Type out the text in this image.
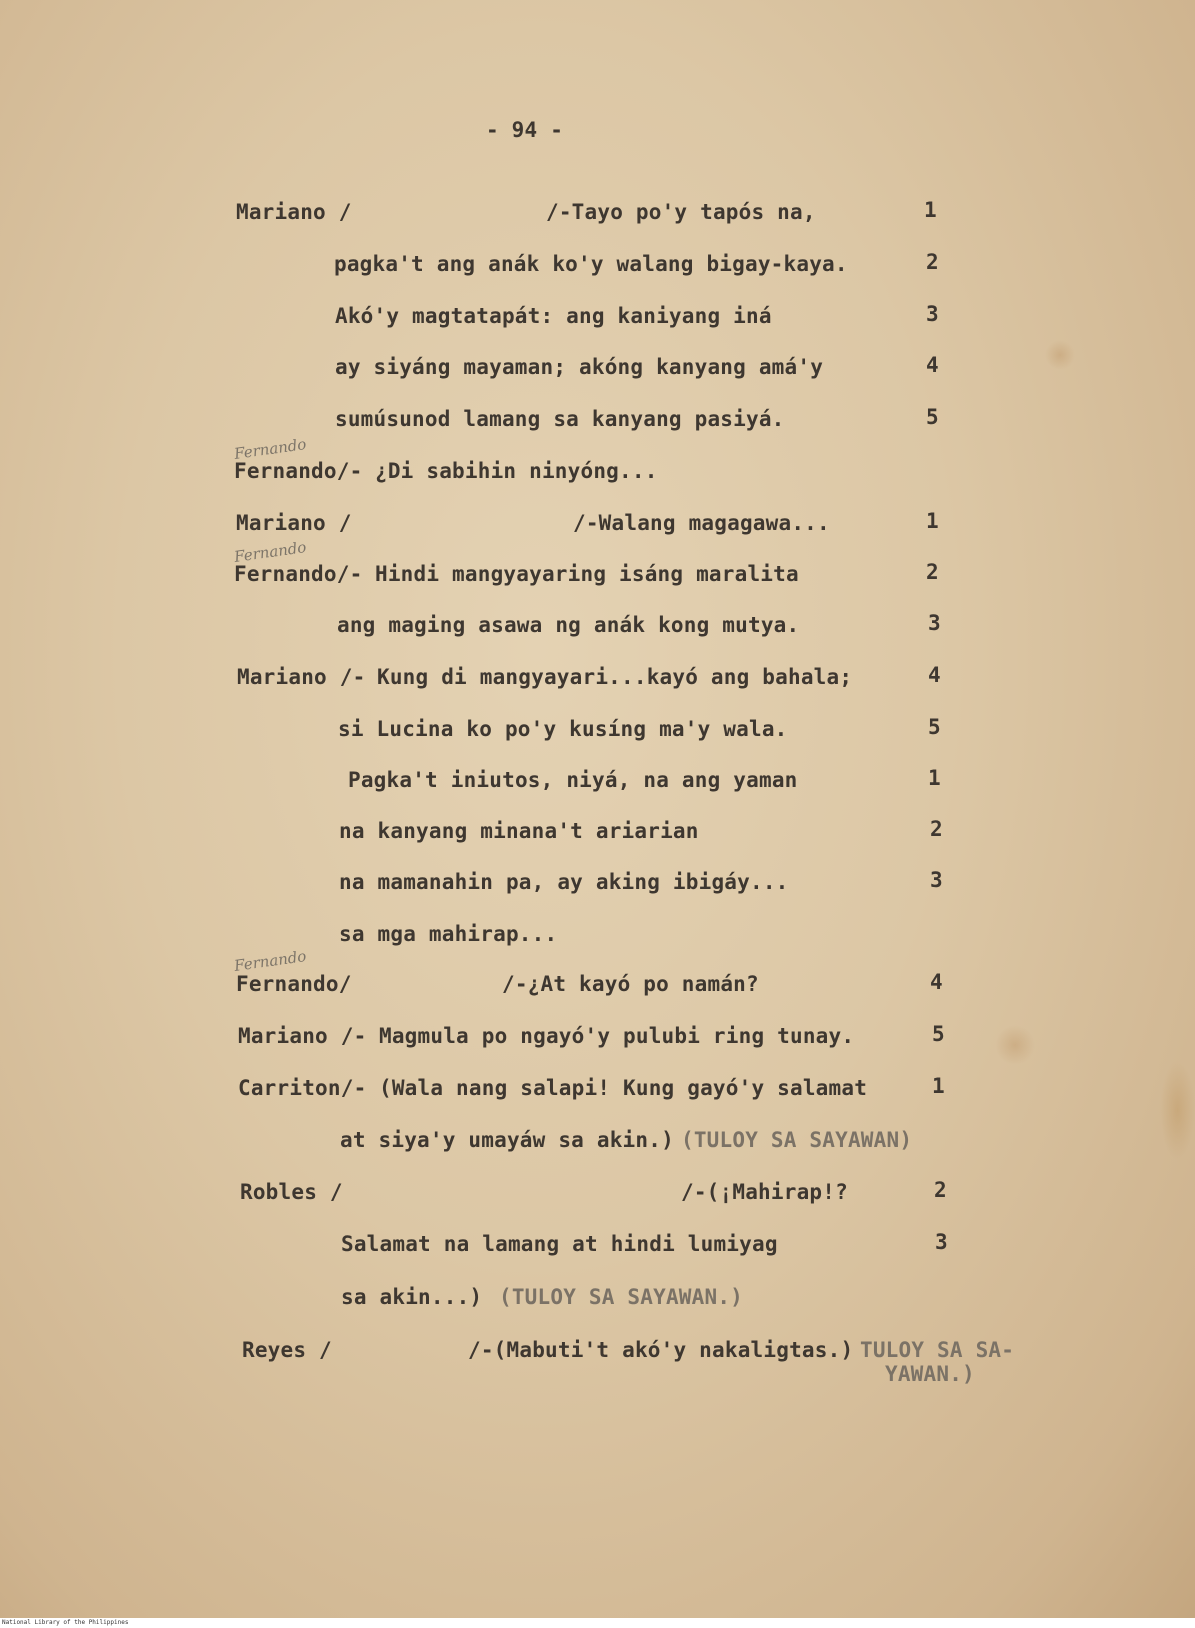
- 94 -
Mariano /	/-Tayo po'y tapós na,	1
pagka't ang anák ko'y walang bigay-kaya.	2
Akó'y magtatapát: ang kaniyang iná	3
ay siyáng mayaman; akóng kanyang amá'y	4
sumúsunod lamang sa kanyang pasiyá.	5
Fernando
Fernando/- ¿Di sabihin ninyóng...
Mariano /	/-Walang magagawa...	1
Fernando
Fernando/- Hindi mangyayaring isáng maralita	2
ang maging asawa ng anák kong mutya.	3
Mariano /- Kung di mangyayari...kayó ang bahala;	4
si Lucina ko po'y kusíng ma'y wala.	5
Pagka't iniutos, niyá, na ang yaman	1
na kanyang minana't ariarian	2
na mamanahin pa, ay aking ibigáy...	3
sa mga mahirap...
Fernando
Fernando/	/-¿At kayó po namán?	4
Mariano /- Magmula po ngayó'y pulubi ring tunay.	5
Carriton/- (Wala nang salapi! Kung gayó'y salamat	1
at siya'y umayáw sa akin.) (TULOY SA SAYAWAN)
Robles /	/-(¡Mahirap!?	2
Salamat na lamang at hindi lumiyag	3
sa akin...) (TULOY SA SAYAWAN.)
Reyes /	/-(Mabuti't akó'y nakaligtas.) TULOY SA SA-
YAWAN.)
National Library of the Philippines
